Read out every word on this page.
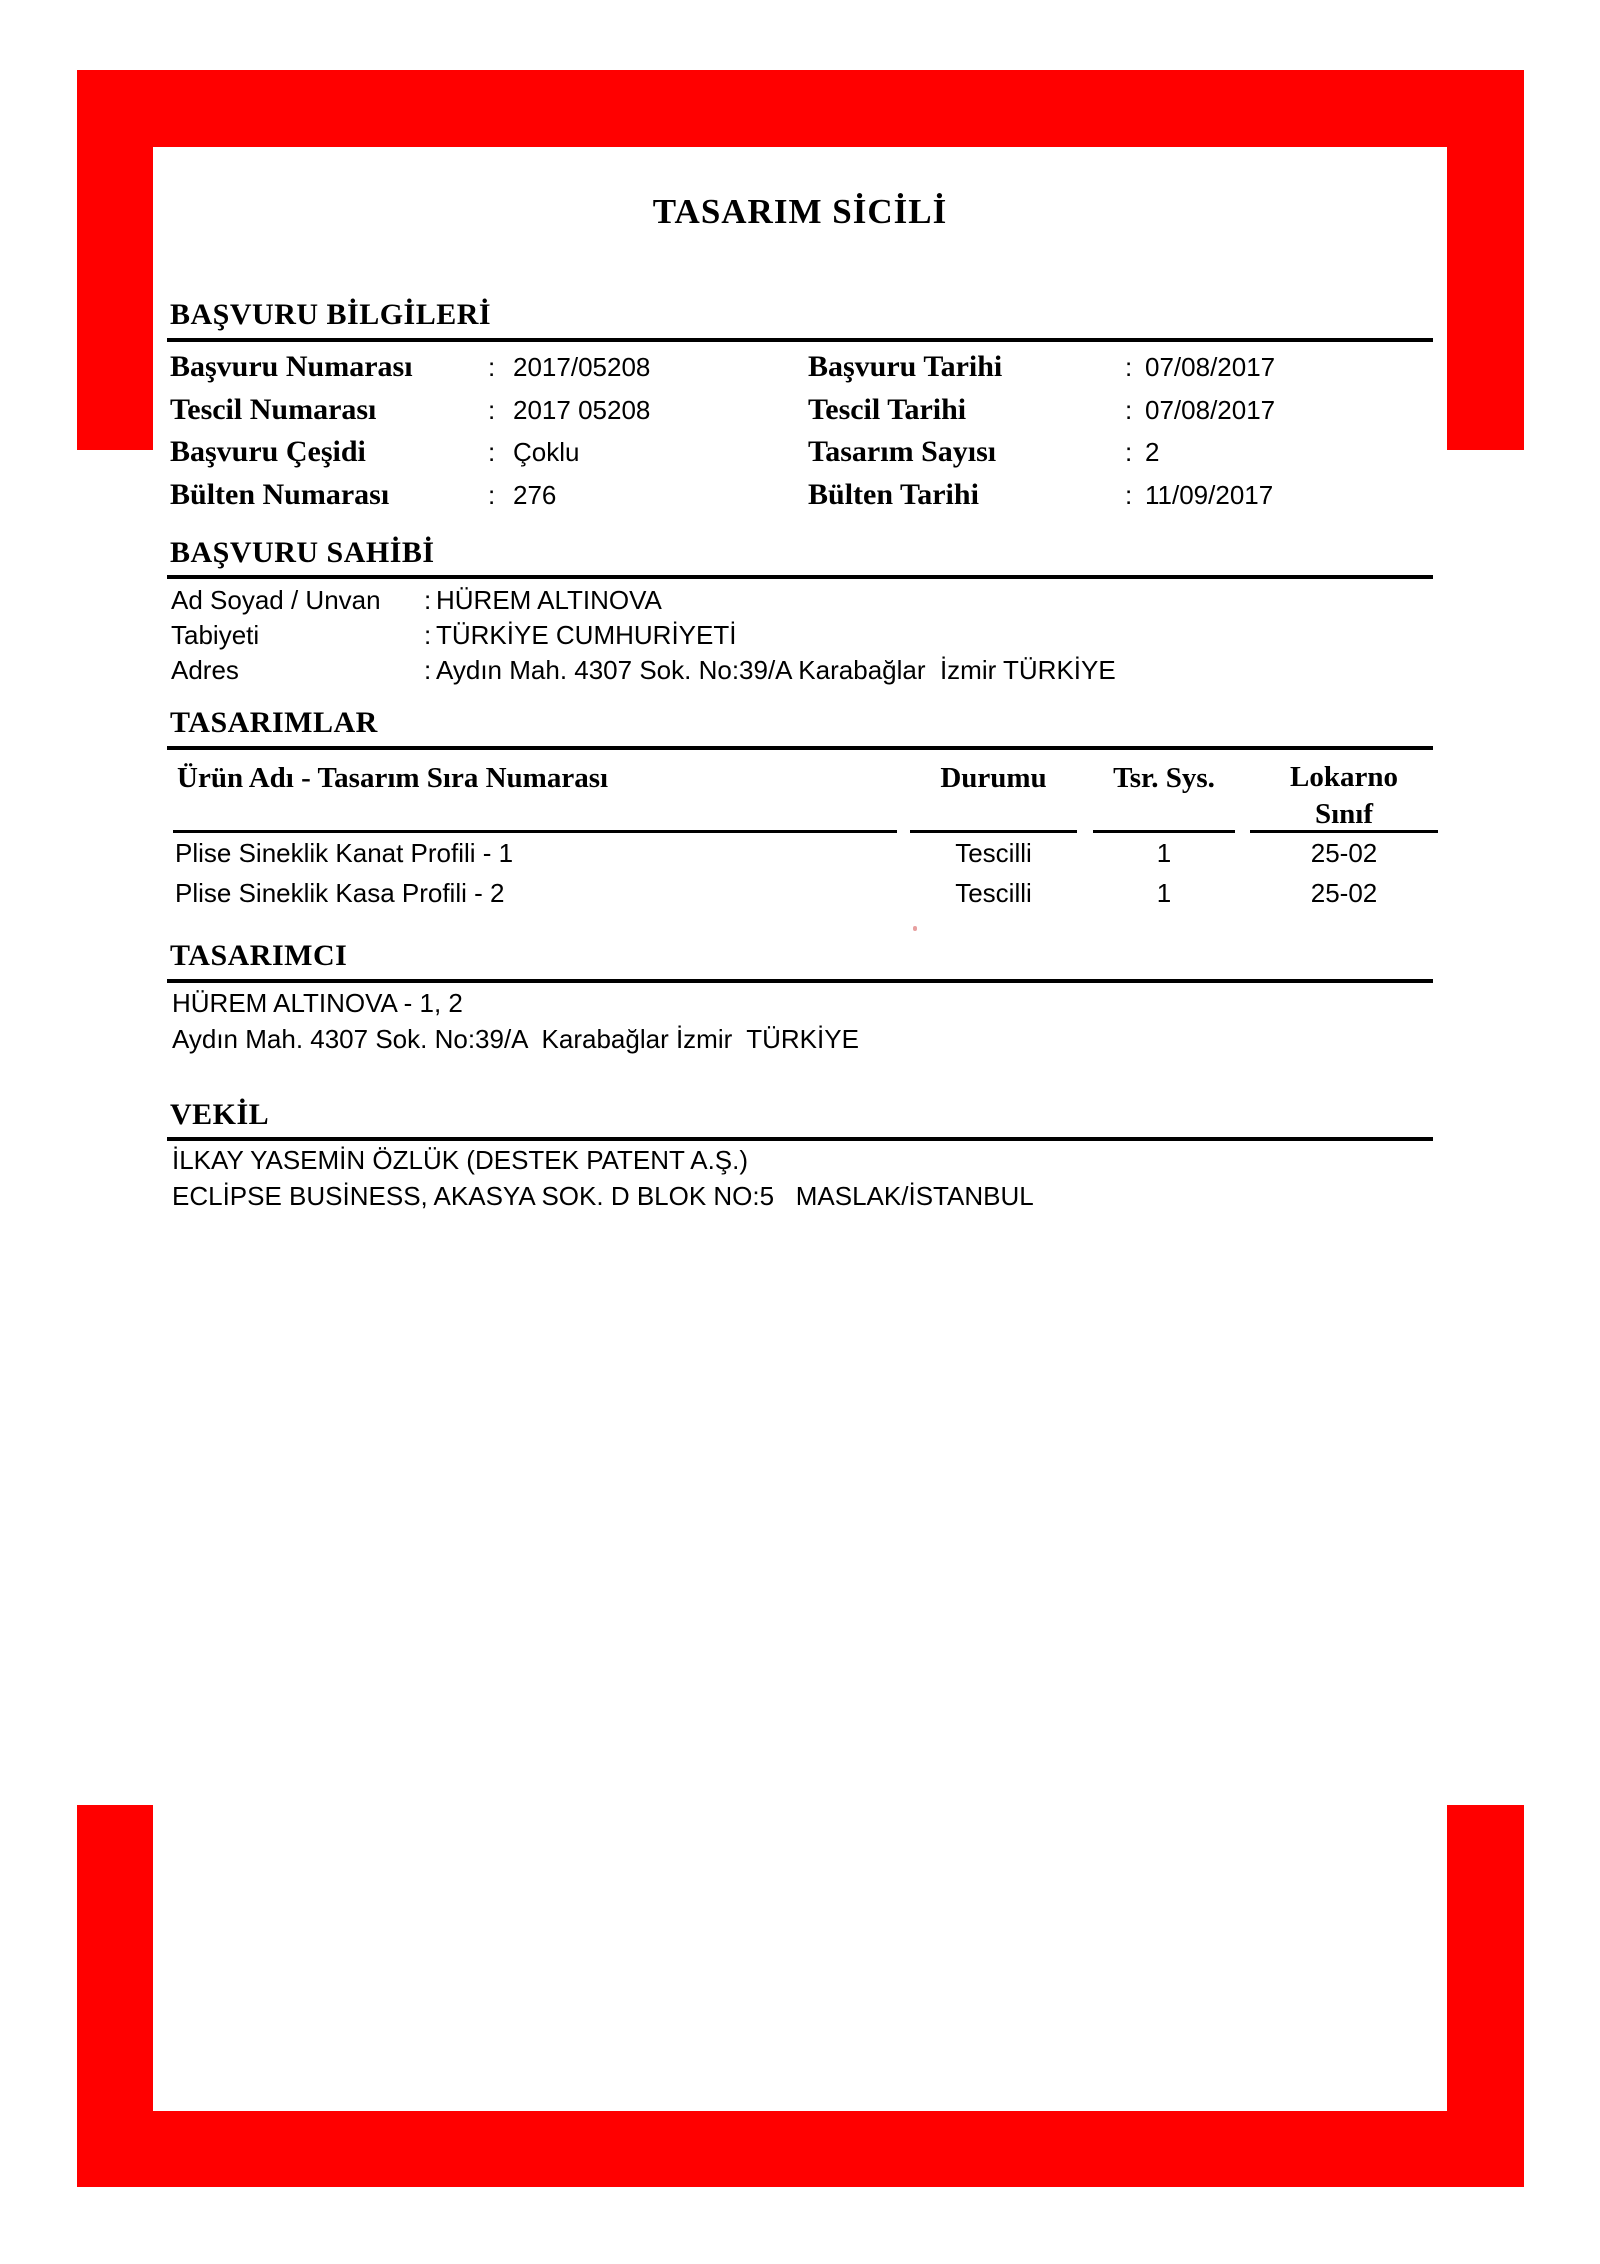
TASARIM SİCİLİ
BAŞVURU BİLGİLERİ
Başvuru Numarası	: 2017/05208	Başvuru Tarihi	: 07/08/2017
Tescil Numarası	: 2017 05208	Tescil Tarihi	: 07/08/2017
Başvuru Çeşidi	: Çoklu	Tasarım Sayısı	: 2
Bülten Numarası	: 276	Bülten Tarihi	: 11/09/2017
BAŞVURU SAHİBİ
Ad Soyad / Unvan : HÜREM ALTINOVA
Tabiyeti	: TÜRKİYE CUMHURİYETİ
Adres	: Aydın Mah. 4307 Sok. No:39/A Karabağlar  İzmir TÜRKİYE
TASARIMLAR
Ürün Adı - Tasarım Sıra Numarası	Durumu	Tsr. Sys.	Lokarno Sınıf
Plise Sineklik Kanat Profili - 1	Tescilli	1	25-02
Plise Sineklik Kasa Profili - 2	Tescilli	1	25-02
TASARIMCI
HÜREM ALTINOVA - 1, 2
Aydın Mah. 4307 Sok. No:39/A  Karabağlar İzmir  TÜRKİYE
VEKİL
İLKAY YASEMİN ÖZLÜK (DESTEK PATENT A.Ş.)
ECLİPSE BUSİNESS, AKASYA SOK. D BLOK NO:5   MASLAK/İSTANBUL
